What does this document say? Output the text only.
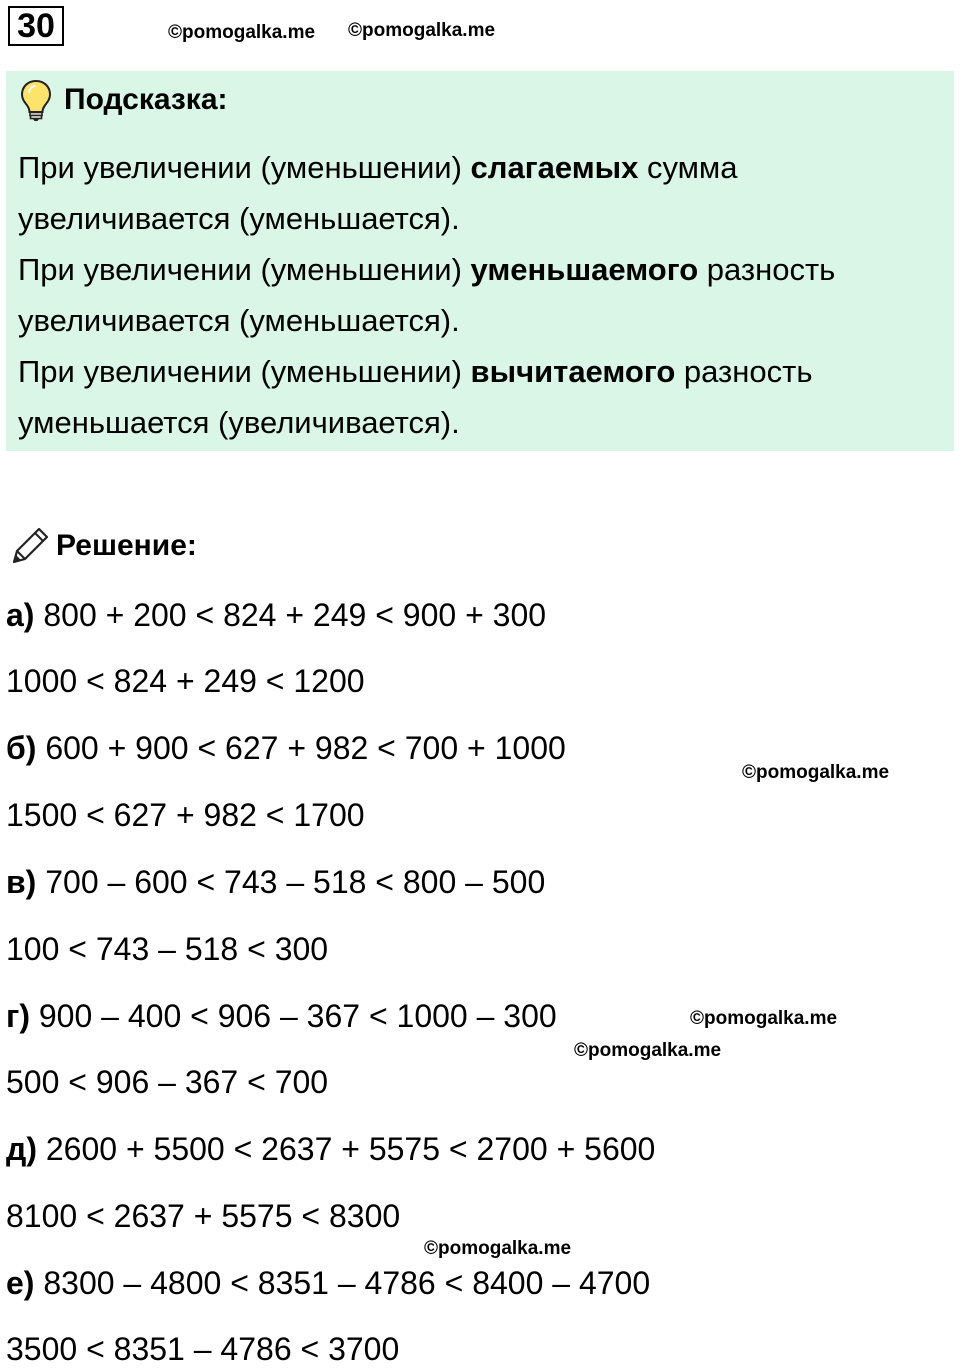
30	©pomogalka.me ©pomogalka.me
Подсказка:
При увеличении (уменьшении) слагаемых сумма
увеличивается (уменьшается).
При увеличении (уменьшении) уменьшаемого разность
увеличивается (уменьшается).
При увеличении (уменьшении) вычитаемого разность
уменьшается (увеличивается).
Решение:
а) 800 + 200 < 824 + 249 < 900 + 300
1000 < 824 + 249 < 1200
б) 600 + 900 < 627 + 982 < 700 + 1000
©pomogalka.me
1500 < 627 + 982 < 1700
в) 700 – 600 < 743 – 518 < 800 – 500
100 < 743 – 518 < 300
г) 900 – 400 < 906 – 367 < 1000 – 300	©pomogalka.me
©pomogalka.me
500 < 906 – 367 < 700
д) 2600 + 5500 < 2637 + 5575 < 2700 + 5600
8100 < 2637 + 5575 < 8300
©pomogalka.me
е) 8300 – 4800 < 8351 – 4786 < 8400 – 4700
3500 < 8351 – 4786 < 3700
